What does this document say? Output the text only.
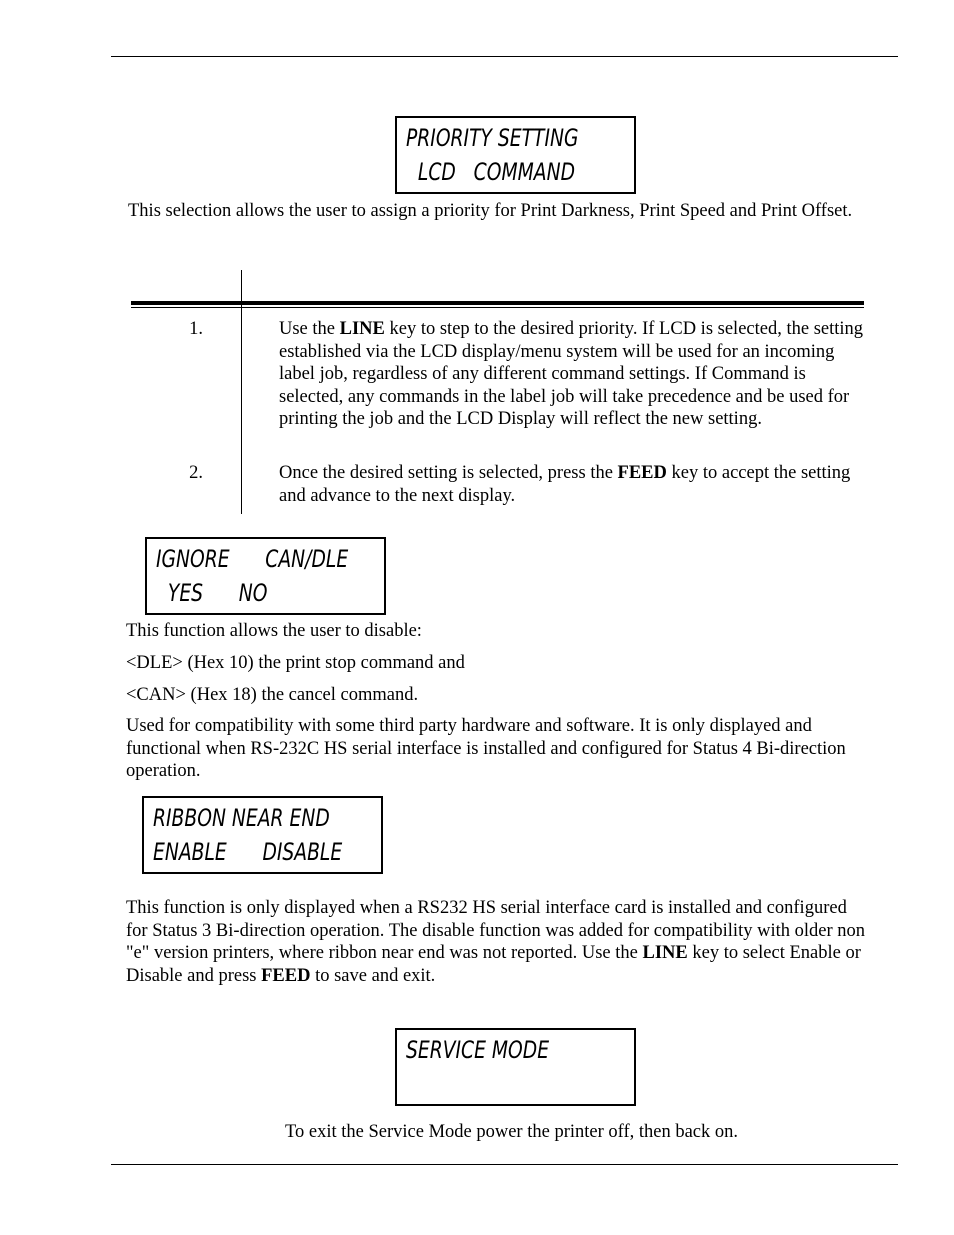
PRIORITY SETTING
LCD   COMMAND

This selection allows the user to assign a priority for Print Darkness, Print Speed and Print Offset.

1.	Use the LINE key to step to the desired priority. If LCD is selected, the setting established via the LCD display/menu system will be used for an incoming label job, regardless of any different command settings. If Command is selected, any commands in the label job will take precedence and be used for printing the job and the LCD Display will reflect the new setting.
2.	Once the desired setting is selected, press the FEED key to accept the setting and advance to the next display.
IGNORE      CAN/DLE
YES      NO

This function allows the user to disable:

<DLE> (Hex 10) the print stop command and

<CAN> (Hex 18) the cancel command.

Used for compatibility with some third party hardware and software. It is only displayed and functional when RS-232C HS serial interface is installed and configured for Status 4 Bi-direction operation.

RIBBON NEAR END
ENABLE      DISABLE

This function is only displayed when a RS232 HS serial interface card is installed and configured for Status 3 Bi-direction operation. The disable function was added for compatibility with older non "e" version printers, where ribbon near end was not reported. Use the LINE key to select Enable or Disable and press FEED to save and exit.

SERVICE MODE

To exit the Service Mode power the printer off, then back on.
